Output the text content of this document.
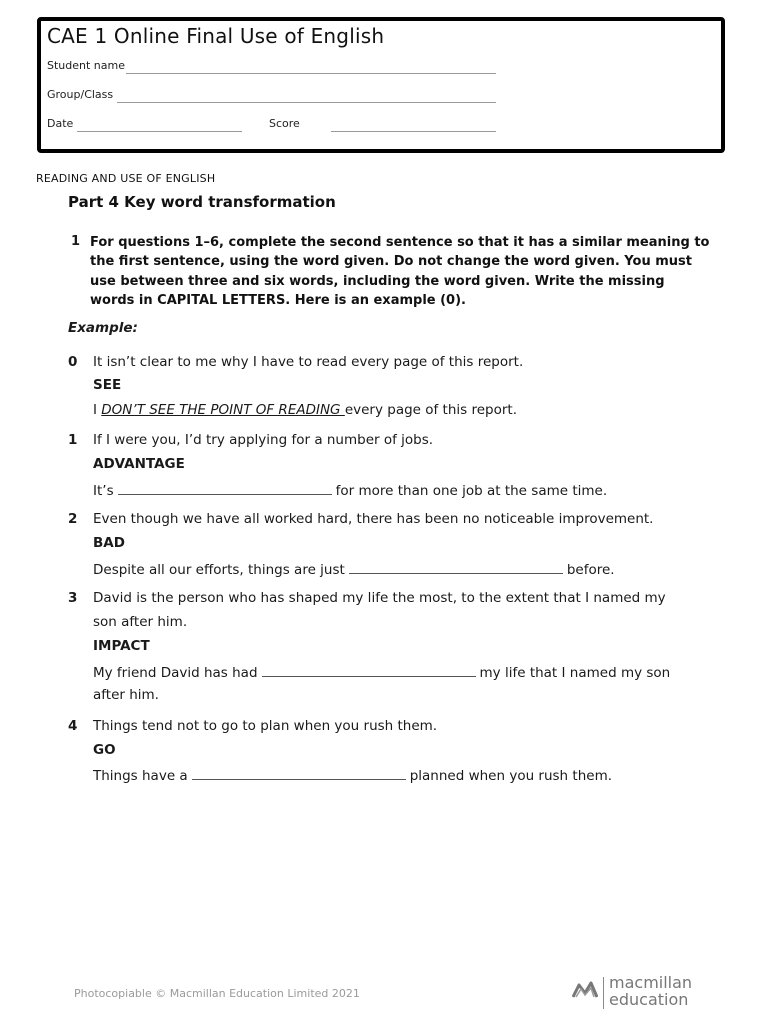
CAE 1 Online Final Use of English
Student name
Group/Class
Date	Score
READING AND USE OF ENGLISH
Part 4 Key word transformation
1 For questions 1–6, complete the second sentence so that it has a similar meaning to the first sentence, using the word given. Do not change the word given. You must use between three and six words, including the word given. Write the missing words in CAPITAL LETTERS. Here is an example (0).
Example:
0 It isn’t clear to me why I have to read every page of this report.
SEE
I DON’T SEE THE POINT OF READING every page of this report.
1 If I were you, I’d try applying for a number of jobs.
ADVANTAGE
It’s	for more than one job at the same time.
2 Even though we have all worked hard, there has been no noticeable improvement.
BAD
Despite all our efforts, things are just	before.
3 David is the person who has shaped my life the most, to the extent that I named my
son after him.
IMPACT
My friend David has had	my life that I named my son
after him.
4 Things tend not to go to plan when you rush them.
GO
Things have a	planned when you rush them.
Photocopiable © Macmillan Education Limited 2021
macmillan
education
